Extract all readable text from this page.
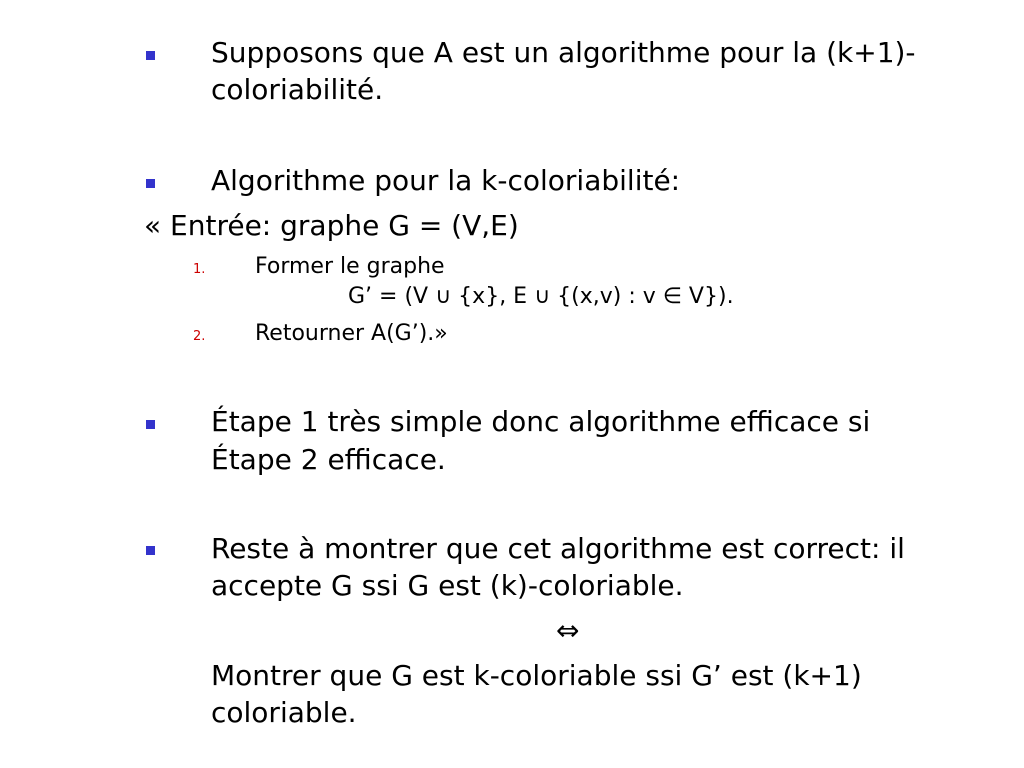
Supposons que A est un algorithme pour la (k+1)-
coloriabilité.
Algorithme pour la k-coloriabilité:
« Entrée: graphe G = (V,E)
1. Former le graphe
G’ = (V ∪ {x}, E ∪ {(x,v) : v ∈ V}).
2. Retourner A(G’).»
Étape 1 très simple donc algorithme efficace si
Étape 2 efficace.
Reste à montrer que cet algorithme est correct: il
accepte G ssi G est (k)-coloriable.
⇔
Montrer que G est k-coloriable ssi G’ est (k+1)
coloriable.
